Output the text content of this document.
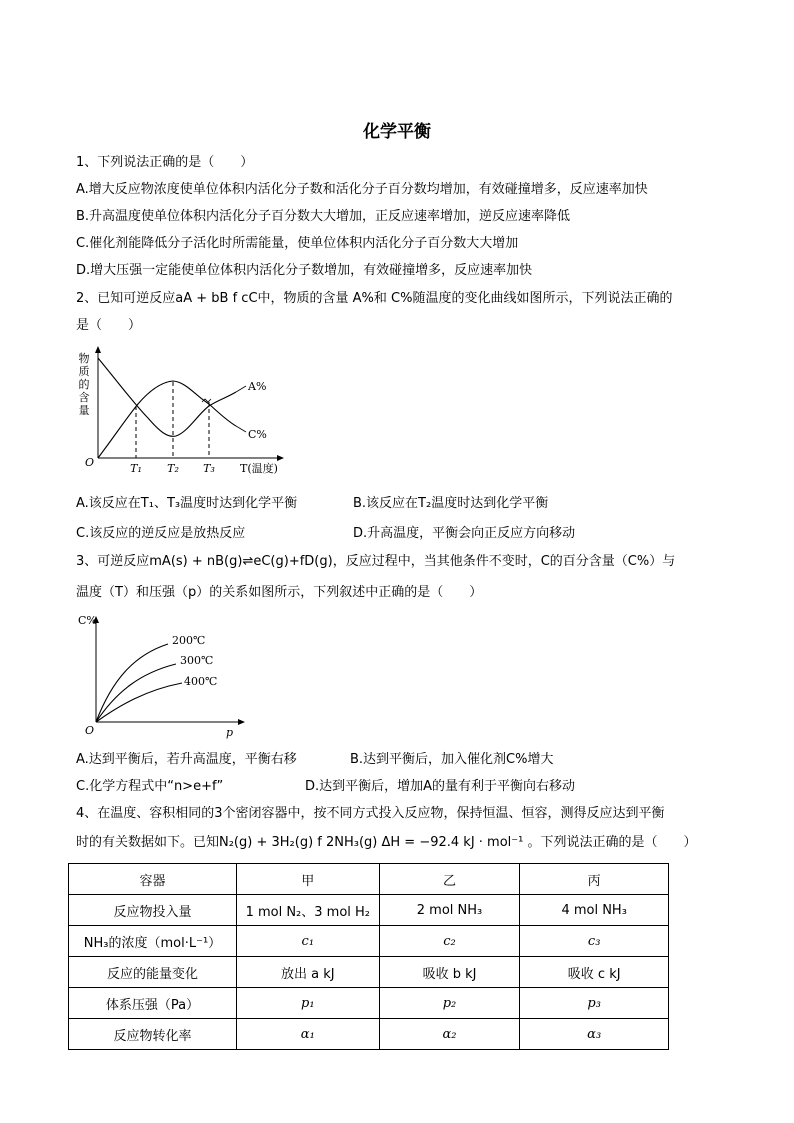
化学平衡
1、下列说法正确的是（　　）
A.增大反应物浓度使单位体积内活化分子数和活化分子百分数均增加，有效碰撞增多，反应速率加快
B.升高温度使单位体积内活化分子百分数大大增加，正反应速率增加，逆反应速率降低
C.催化剂能降低分子活化时所需能量，使单位体积内活化分子百分数大大增加
D.增大压强一定能使单位体积内活化分子数增加，有效碰撞增多，反应速率加快
2、已知可逆反应aA + bB f cC中，物质的含量 A%和 C%随温度的变化曲线如图所示，下列说法正确的
是（　　）
物
质
的
含
量
O
A%
C%
T₁ T₂ T₃ T(温度)
A.该反应在T₁、T₃温度时达到化学平衡	B.该反应在T₂温度时达到化学平衡
C.该反应的逆反应是放热反应	D.升高温度，平衡会向正反应方向移动
3、可逆反应mA(s) + nB(g)⇌eC(g)+fD(g)，反应过程中，当其他条件不变时，C的百分含量（C%）与
温度（T）和压强（p）的关系如图所示，下列叙述中正确的是（　　）
C%
O	p
200℃
300℃
400℃
A.达到平衡后，若升高温度，平衡右移	B.达到平衡后，加入催化剂C%增大
C.化学方程式中“n>e+f”	D.达到平衡后，增加A的量有利于平衡向右移动
4、在温度、容积相同的3个密闭容器中，按不同方式投入反应物，保持恒温、恒容，测得反应达到平衡
时的有关数据如下。已知N₂(g) + 3H₂(g) f 2NH₃(g) ΔH = −92.4 kJ · mol⁻¹ 。下列说法正确的是（　　）
容器	甲	乙	丙
反应物投入量	1 mol N₂、3 mol H₂	2 mol NH₃	4 mol NH₃
NH₃的浓度（mol·L⁻¹）	c₁	c₂	c₃
反应的能量变化	放出 a kJ	吸收 b kJ	吸收 c kJ
体系压强（Pa）	p₁	p₂	p₃
反应物转化率	α₁	α₂	α₃
